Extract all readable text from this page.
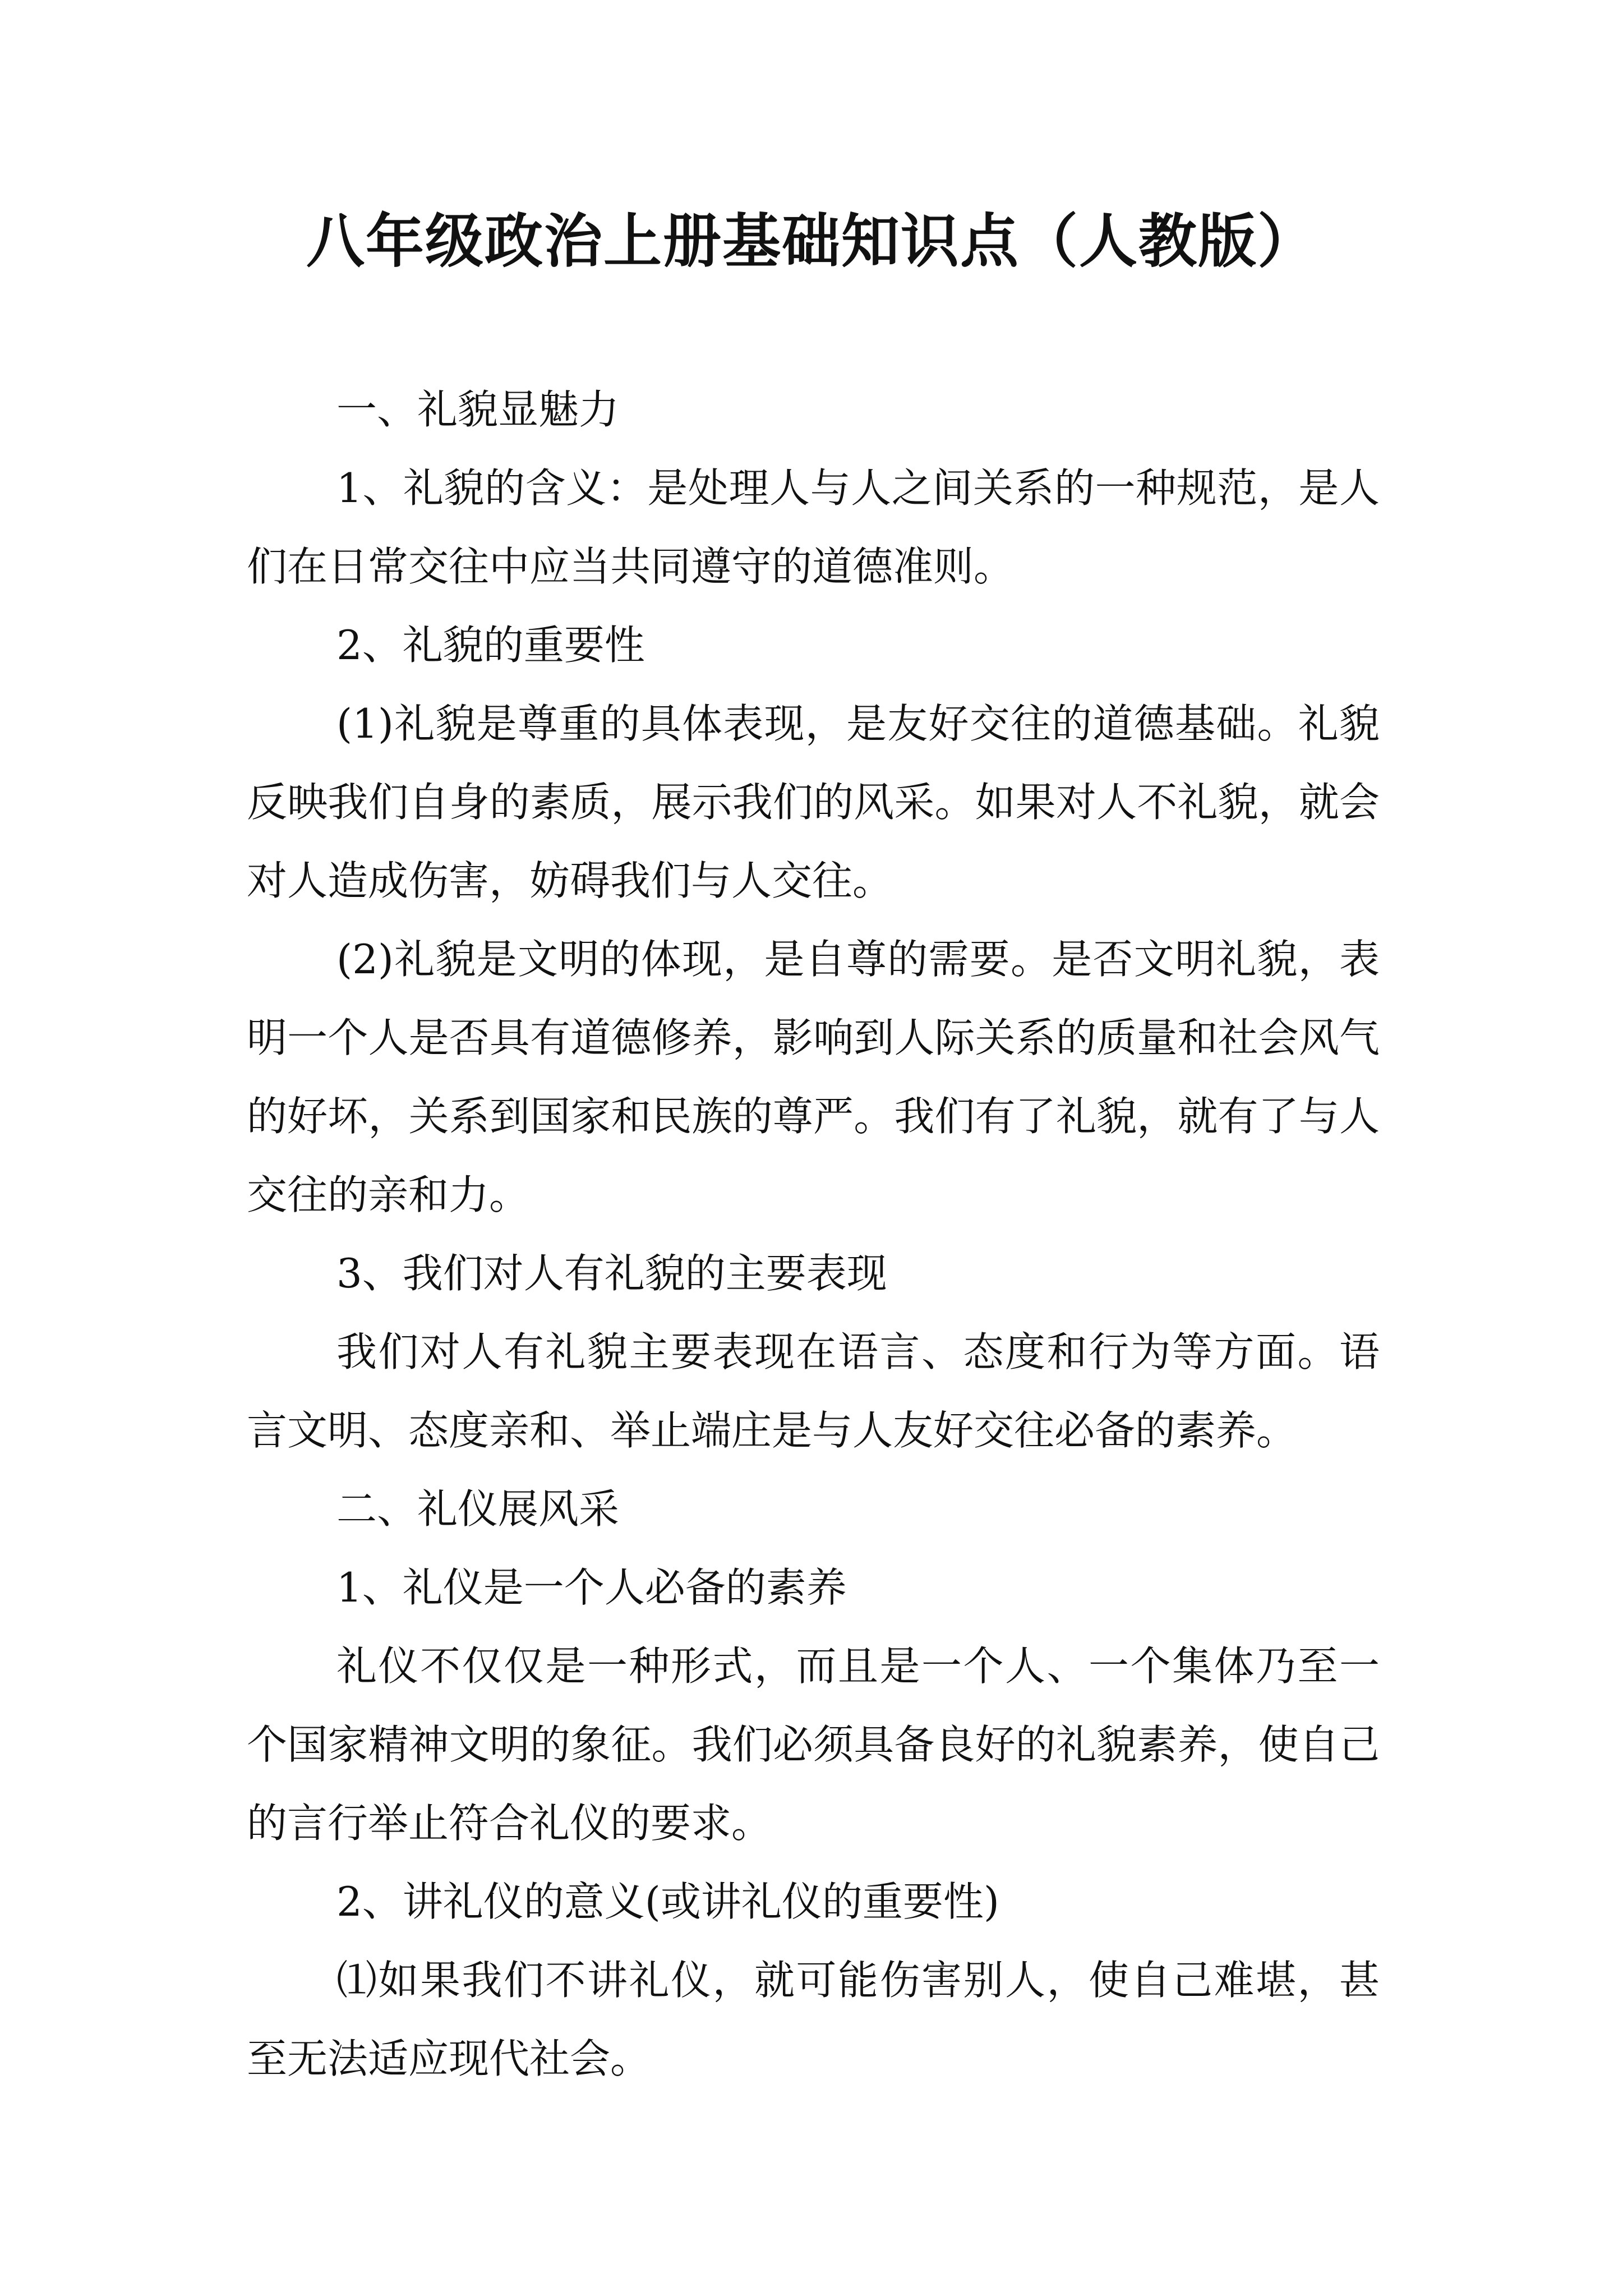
八年级政治上册基础知识点（人教版）

一、礼貌显魅力

1、礼貌的含义：是处理人与人之间关系的一种规范，是人们在日常交往中应当共同遵守的道德准则。

2、礼貌的重要性

(1)礼貌是尊重的具体表现，是友好交往的道德基础。礼貌反映我们自身的素质，展示我们的风采。如果对人不礼貌，就会对人造成伤害，妨碍我们与人交往。

(2)礼貌是文明的体现，是自尊的需要。是否文明礼貌，表明一个人是否具有道德修养，影响到人际关系的质量和社会风气的好坏，关系到国家和民族的尊严。我们有了礼貌，就有了与人交往的亲和力。

3、我们对人有礼貌的主要表现

我们对人有礼貌主要表现在语言、态度和行为等方面。语言文明、态度亲和、举止端庄是与人友好交往必备的素养。

二、礼仪展风采

1、礼仪是一个人必备的素养

礼仪不仅仅是一种形式，而且是一个人、一个集体乃至一个国家精神文明的象征。我们必须具备良好的礼貌素养，使自己的言行举止符合礼仪的要求。

2、讲礼仪的意义(或讲礼仪的重要性)

⑴如果我们不讲礼仪，就可能伤害别人，使自己难堪，甚至无法适应现代社会。
